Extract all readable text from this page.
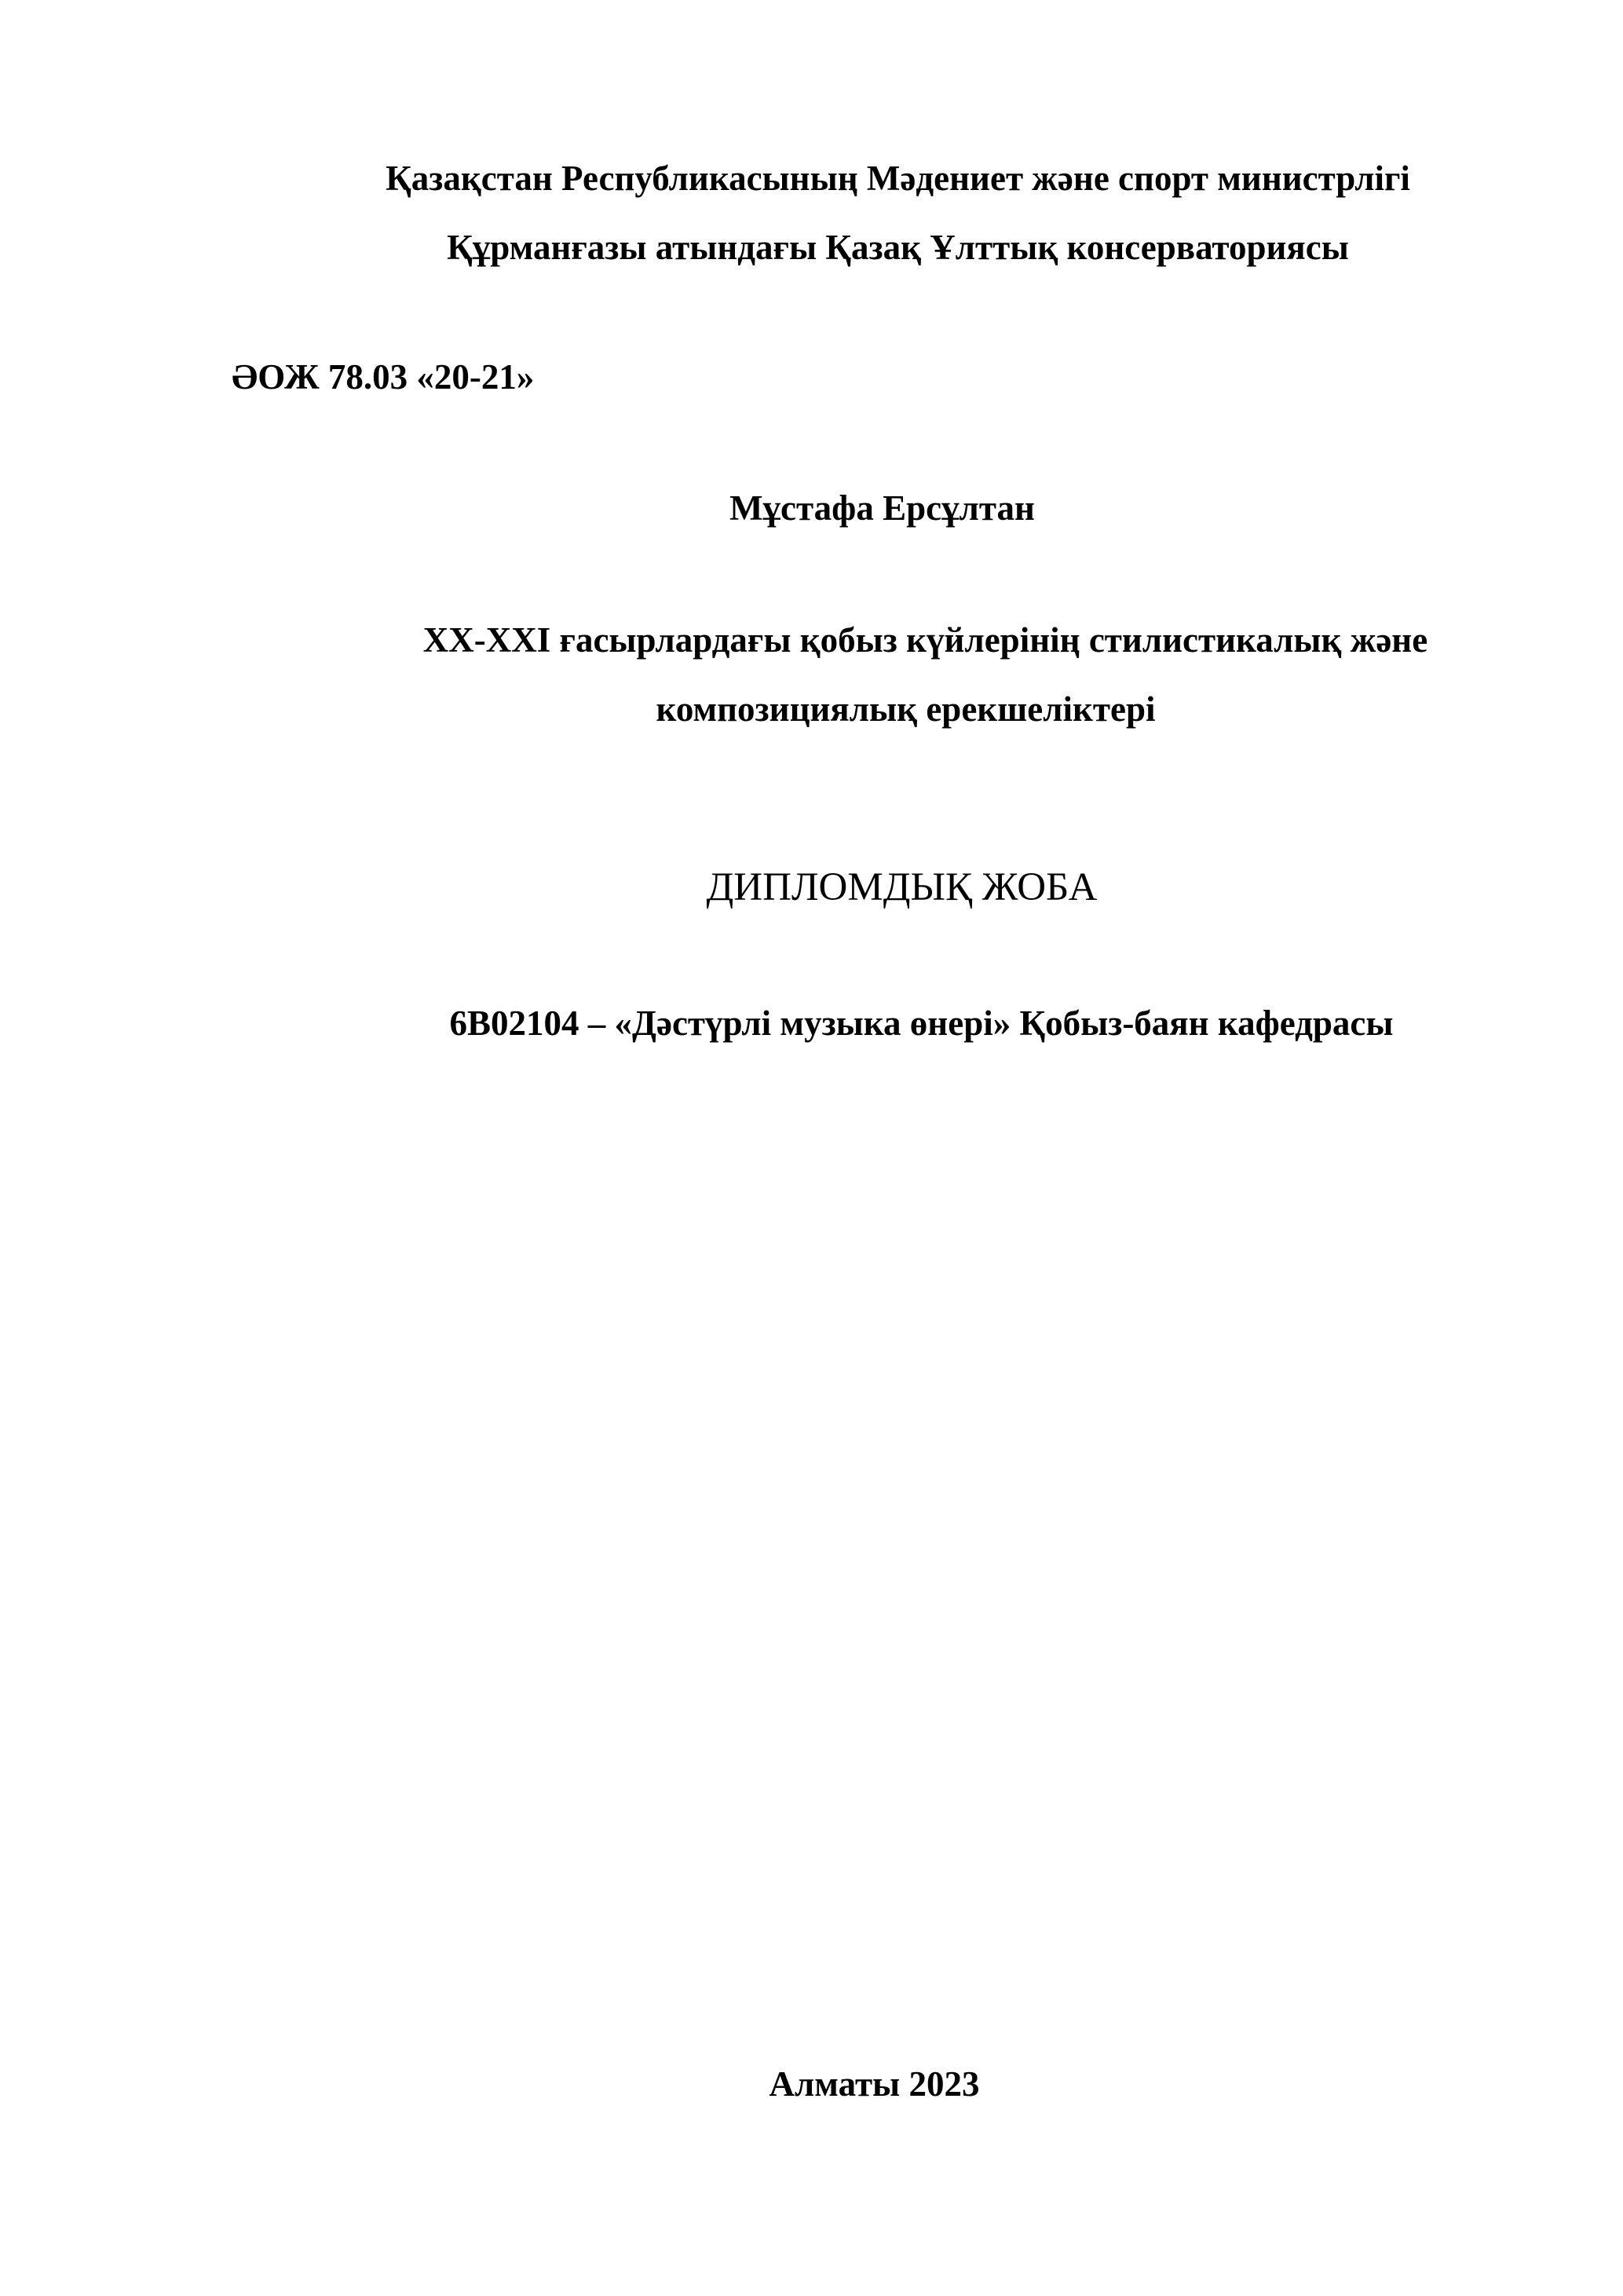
Қазақстан Республикасының Мәдениет және спорт министрлігі

Құрманғазы атындағы Қазақ Ұлттық консерваториясы

ӘОЖ 78.03 «20-21»

Мұстафа Ерсұлтан

XX-XXI ғасырлардағы қобыз күйлерінің стилистикалық және

композициялық ерекшеліктері

ДИПЛОМДЫҚ ЖОБА

6В02104 – «Дәстүрлі музыка өнері» Қобыз-баян кафедрасы

Алматы 2023
